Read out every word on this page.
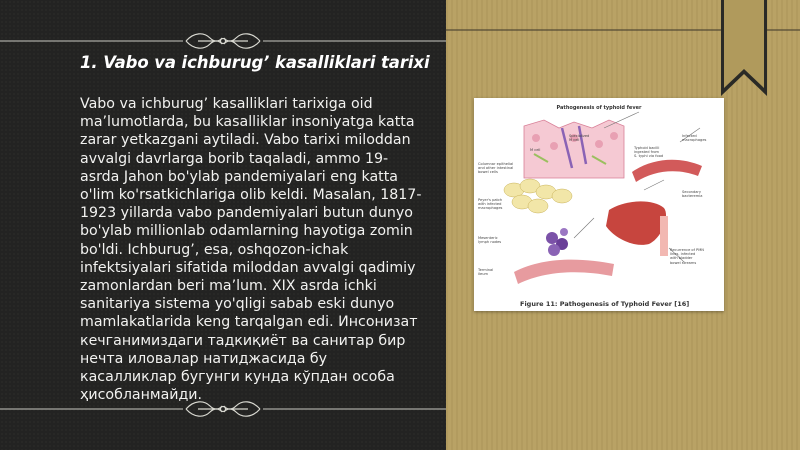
1. Vabo va ichburug’ kasalliklari tarixi

Vabo va ichburug’ kasalliklari tarixiga oid ma’lumotlarda, bu kasalliklar insoniyatga katta zarar yetkazgani aytiladi. Vabo tarixi miloddan avvalgi davrlarga borib taqaladi, ammo 19-asrda Jahon bo'ylab pandemiyalari eng katta o'lim ko'rsatkichlariga olib keldi. Masalan, 1817-1923 yillarda vabo pandemiyalari butun dunyo bo'ylab millionlab odamlarning hayotiga zomin bo'ldi. Ichburug’, esa, oshqozon-ichak infektsiyalari sifatida miloddan avvalgi qadimiy zamonlardan beri ma’lum. XIX asrda ichki sanitariya sistema yo'qligi sabab eski dunyo mamlakatlarida keng tarqalgan edi. Инсонизат кечганимиздаги тадкиқиёт ва санитар бир нечта иловалар натиджасида бу касалликлар бугунги кунда кўпдан особа ҳисобланмайди.

Pathogenesis of typhoid fever
Specialized
M cell
M cell
Columnar epithelial
and other intestinal
bowel cells
Peyer's patch
with infected
macrophages
Mesenteric
lymph nodes
Terminal
ileum
Typhoid bacilli
ingested from
S. typhi via food
Infected
macrophages
Secondary
bacteremia
Recurrence of PMN
lines, infected
with bladder
bowel streams
Figure 11: Pathogenesis of Typhoid Fever [16]
